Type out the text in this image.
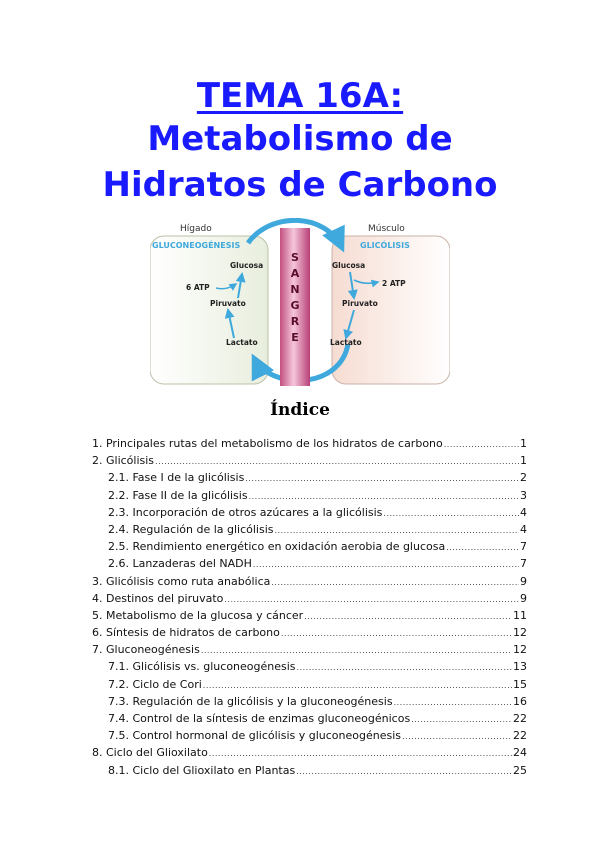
TEMA 16A:
Metabolismo de
Hidratos de Carbono
S
A
N
G
R
E
Hígado	Músculo
GLUCONEOGÉNESIS	GLICÓLISIS
Glucosa
Piruvato
Lactato
6 ATP
Glucosa
Piruvato
Lactato
2 ATP
Índice
1. Principales rutas del metabolismo de los hidratos de carbono .....	1
2. Glicólisis .....	1
2.1. Fase I de la glicólisis .....	2
2.2. Fase II de la glicólisis .....	3
2.3. Incorporación de otros azúcares a la glicólisis .....	4
2.4. Regulación de la glicólisis .....	4
2.5. Rendimiento energético en oxidación aerobia de glucosa .....	7
2.6. Lanzaderas del NADH .....	7
3. Glicólisis como ruta anabólica .....	9
4. Destinos del piruvato .....	9
5. Metabolismo de la glucosa y cáncer .....	11
6. Síntesis de hidratos de carbono .....	12
7. Gluconeogénesis .....	12
7.1. Glicólisis vs. gluconeogénesis .....	13
7.2. Ciclo de Cori .....	15
7.3. Regulación de la glicólisis y la gluconeogénesis .....	16
7.4. Control de la síntesis de enzimas gluconeogénicos .....	22
7.5. Control hormonal de glicólisis y gluconeogénesis .....	22
8. Ciclo del Glioxilato .....	24
8.1. Ciclo del Glioxilato en Plantas .....	25
